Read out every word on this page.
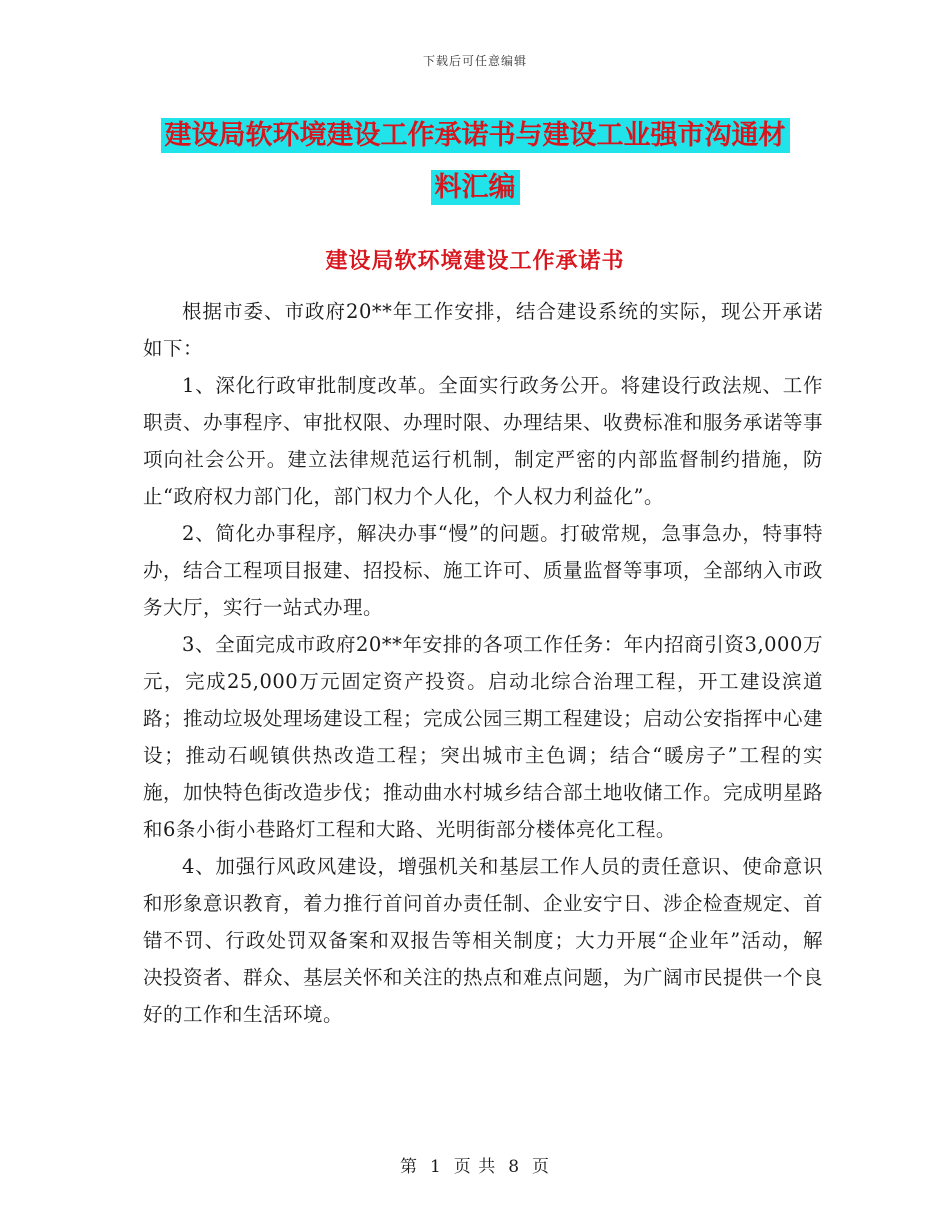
下载后可任意编辑
建设局软环境建设工作承诺书与建设工业强市沟通材
料汇编
建设局软环境建设工作承诺书

根据市委、市政府20**年工作安排，结合建设系统的实际，现公开承诺如下：

1、深化行政审批制度改革。全面实行政务公开。将建设行政法规、工作职责、办事程序、审批权限、办理时限、办理结果、收费标准和服务承诺等事项向社会公开。建立法律规范运行机制，制定严密的内部监督制约措施，防止“政府权力部门化，部门权力个人化，个人权力利益化”。

2、简化办事程序，解决办事“慢”的问题。打破常规，急事急办，特事特办，结合工程项目报建、招投标、施工许可、质量监督等事项，全部纳入市政务大厅，实行一站式办理。

3、全面完成市政府20**年安排的各项工作任务：年内招商引资3,000万元，完成25,000万元固定资产投资。启动北综合治理工程，开工建设滨道路；推动垃圾处理场建设工程；完成公园三期工程建设；启动公安指挥中心建设；推动石岘镇供热改造工程；突出城市主色调；结合“暖房子”工程的实施，加快特色街改造步伐；推动曲水村城乡结合部土地收储工作。完成明星路和6条小街小巷路灯工程和大路、光明街部分楼体亮化工程。

4、加强行风政风建设，增强机关和基层工作人员的责任意识、使命意识和形象意识教育，着力推行首问首办责任制、企业安宁日、涉企检查规定、首错不罚、行政处罚双备案和双报告等相关制度；大力开展“企业年”活动，解决投资者、群众、基层关怀和关注的热点和难点问题，为广阔市民提供一个良好的工作和生活环境。

第 1 页 共 8 页
